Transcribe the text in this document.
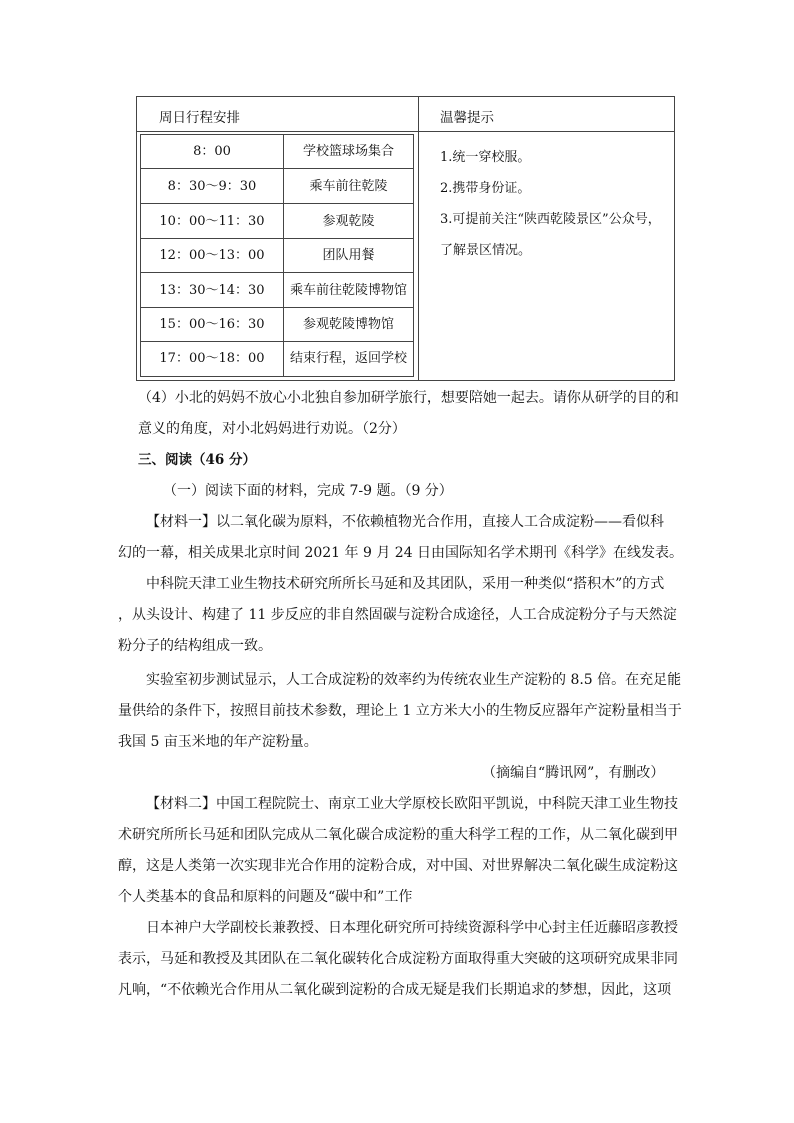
周日行程安排	温馨提示
8：00	学校篮球场集合
8：30～9：30	乘车前往乾陵
10：00～11：30	参观乾陵
12：00～13：00	团队用餐
13：30～14：30	乘车前往乾陵博物馆
15：00～16：30	参观乾陵博物馆
17：00～18：00	结束行程，返回学校
1.统一穿校服。
2.携带身份证。
3.可提前关注“陕西乾陵景区”公众号，
了解景区情况。
（4）小北的妈妈不放心小北独自参加研学旅行，想要陪她一起去。请你从研学的目的和
意义的角度，对小北妈妈进行劝说。（2分）
三、阅读（46 分）
（一）阅读下面的材料，完成 7-9 题。（9 分）
【材料一】以二氧化碳为原料，不依赖植物光合作用，直接人工合成淀粉——看似科
幻的一幕，相关成果北京时间 2021 年 9 月 24 日由国际知名学术期刊《科学》在线发表。
中科院天津工业生物技术研究所所长马延和及其团队，采用一种类似“搭积木”的方式
，从头设计、构建了 11 步反应的非自然固碳与淀粉合成途径，人工合成淀粉分子与天然淀
粉分子的结构组成一致。
实验室初步测试显示，人工合成淀粉的效率约为传统农业生产淀粉的 8.5 倍。在充足能
量供给的条件下，按照目前技术参数，理论上 1 立方米大小的生物反应器年产淀粉量相当于
我国 5 亩玉米地的年产淀粉量。
（摘编自“腾讯网”，有删改）
【材料二】中国工程院院士、南京工业大学原校长欧阳平凯说，中科院天津工业生物技
术研究所所长马延和团队完成从二氧化碳合成淀粉的重大科学工程的工作，从二氧化碳到甲
醇，这是人类第一次实现非光合作用的淀粉合成，对中国、对世界解决二氧化碳生成淀粉这
个人类基本的食品和原料的问题及“碳中和”工作
日本神户大学副校长兼教授、日本理化研究所可持续资源科学中心封主任近藤昭彦教授
表示，马延和教授及其团队在二氧化碳转化合成淀粉方面取得重大突破的这项研究成果非同
凡响，“不依赖光合作用从二氧化碳到淀粉的合成无疑是我们长期追求的梦想，因此，这项
